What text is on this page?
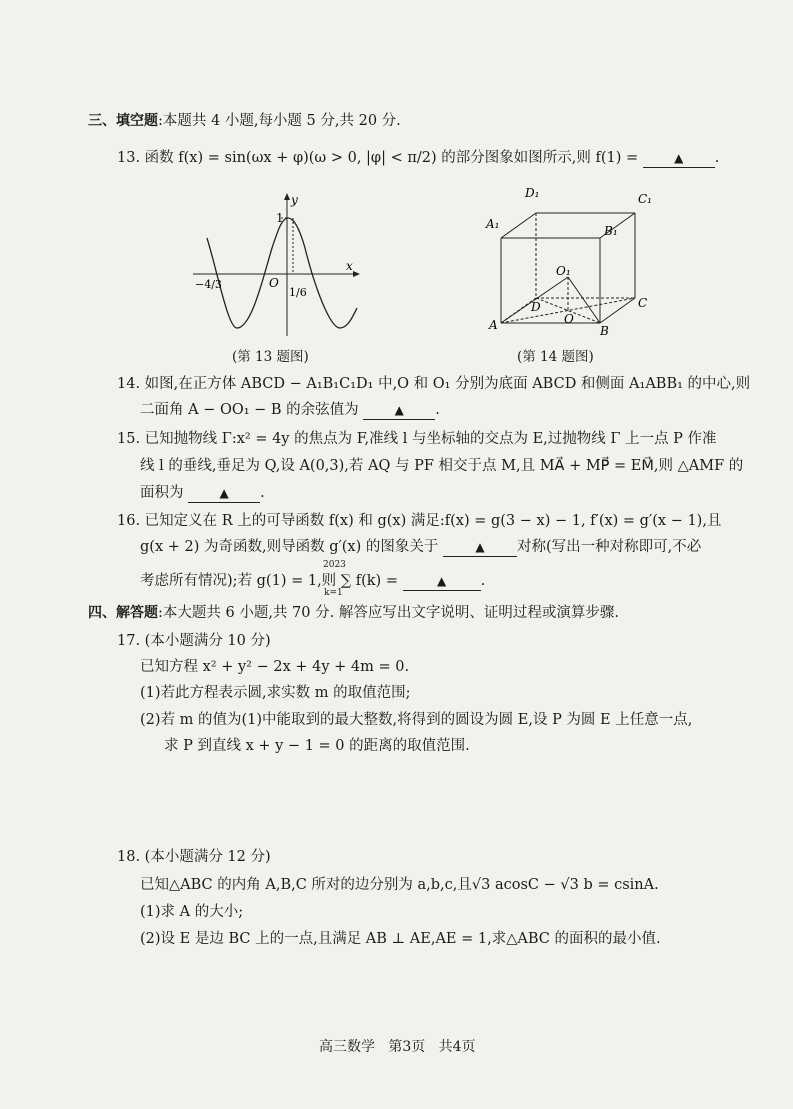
三、填空题:本题共 4 小题,每小题 5 分,共 20 分.
13. 函数 f(x) = sin(ωx + φ)(ω > 0, |φ| < π/2) 的部分图象如图所示,则 f(1) =	▲ .
y
x
1
O
−4/3
1/6
(第 13 题图)
D₁	C₁
A₁	B₁
O₁
D	C
O
A	B
(第 14 题图)
14. 如图,在正方体 ABCD − A₁B₁C₁D₁ 中,O 和 O₁ 分别为底面 ABCD 和侧面 A₁ABB₁ 的中心,则
二面角 A − OO₁ − B 的余弦值为	▲ .
15. 已知抛物线 Γ:x² = 4y 的焦点为 F,准线 l 与坐标轴的交点为 E,过抛物线 Γ 上一点 P 作准
线 l 的垂线,垂足为 Q,设 A(0,3),若 AQ 与 PF 相交于点 M,且 MA⃗ + MP⃗ = EM⃗,则 △AMF 的
面积为	▲ .
16. 已知定义在 R 上的可导函数 f(x) 和 g(x) 满足:f(x) = g(3 − x) − 1, f′(x) = g′(x − 1),且
g(x + 2) 为奇函数,则导函数 g′(x) 的图象关于	▲ 对称(写出一种对称即可,不必
考虑所有情况);若 g(1) = 1,则 ∑ f(k) =	▲ .
2023
k=1
四、解答题:本大题共 6 小题,共 70 分. 解答应写出文字说明、证明过程或演算步骤.
17. (本小题满分 10 分)
已知方程 x² + y² − 2x + 4y + 4m = 0.
(1)若此方程表示圆,求实数 m 的取值范围;
(2)若 m 的值为(1)中能取到的最大整数,将得到的圆设为圆 E,设 P 为圆 E 上任意一点,
求 P 到直线 x + y − 1 = 0 的距离的取值范围.
18. (本小题满分 12 分)
已知△ABC 的内角 A,B,C 所对的边分别为 a,b,c,且√3 acosC − √3 b = csinA.
(1)求 A 的大小;
(2)设 E 是边 BC 上的一点,且满足 AB ⊥ AE,AE = 1,求△ABC 的面积的最小值.
高三数学 第3页 共4页
